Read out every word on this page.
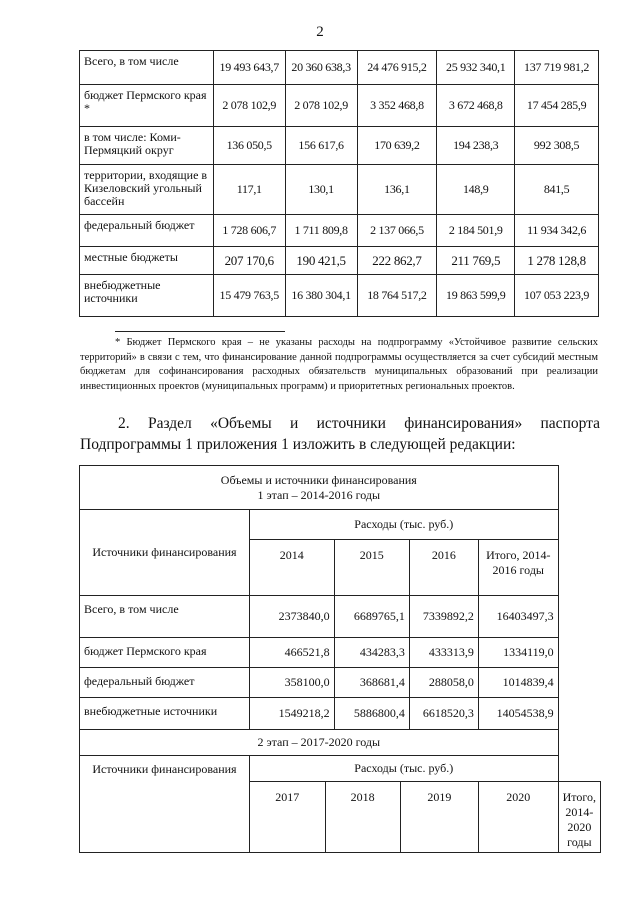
2
Всего, в том числе	19 493 643,7	20 360 638,3	24 476 915,2	25 932 340,1	137 719 981,2
бюджет Пермского края *	2 078 102,9	2 078 102,9	3 352 468,8	3 672 468,8	17 454 285,9
в том числе: Коми-Пермяцкий округ	136 050,5	156 617,6	170 639,2	194 238,3	992 308,5
территории, входящие в Кизеловский угольный бассейн	117,1	130,1	136,1	148,9	841,5
федеральный бюджет	1 728 606,7	1 711 809,8	2 137 066,5	2 184 501,9	11 934 342,6
местные бюджеты	207 170,6	190 421,5	222 862,7	211 769,5	1 278 128,8
внебюджетные источники	15 479 763,5	16 380 304,1	18 764 517,2	19 863 599,9	107 053 223,9

* Бюджет Пермского края – не указаны расходы на подпрограмму «Устойчивое развитие сельских территорий» в связи с тем, что финансирование данной подпрограммы осуществляется за счет субсидий местным бюджетам для софинансирования расходных обязательств муниципальных образований при реализации инвестиционных проектов (муниципальных программ) и приоритетных региональных проектов.

2. Раздел «Объемы и источники финансирования» паспорта Подпрограммы 1 приложения 1 изложить в следующей редакции:

Объемы и источники финансирования
1 этап – 2014-2016 годы							

Источники финансирования	Расходы (тыс. руб.)						
	2014		2015		2016	Итого, 2014-2016 годы	
Всего, в том числе	2373840,0		6689765,1		7339892,2	16403497,3	
бюджет Пермского края	466521,8		434283,3		433313,9	1334119,0	
федеральный бюджет	358100,0		368681,4		288058,0	1014839,4	
внебюджетные источники	1549218,2		5886800,4		6618520,3	14054538,9	
2 этап – 2017-2020 годы							
Источники финансирования	Расходы (тыс. руб.)						
	2017	2018		2019		2020	Итого, 2014-2020 годы
